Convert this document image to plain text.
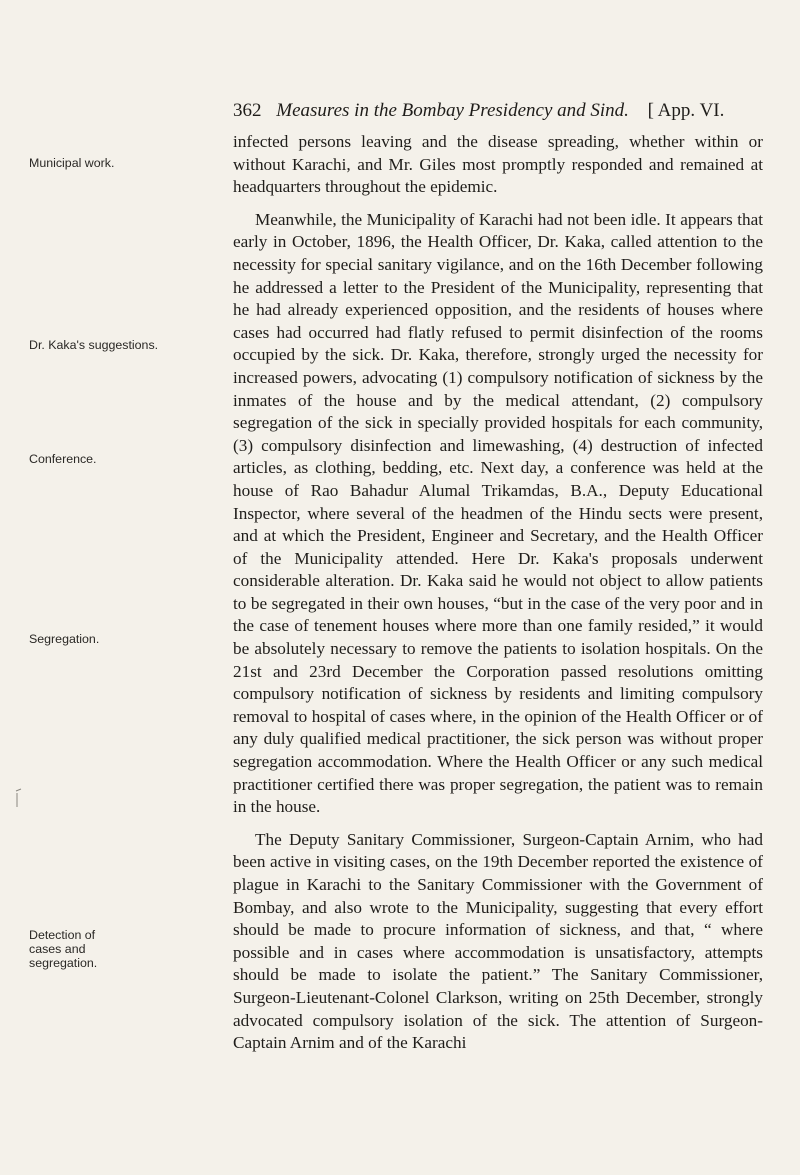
362 Measures in the Bombay Presidency and Sind. [ App. VI.
Municipal work.
Dr. Kaka's suggestions.
Conference.
Segregation.
Detection of cases and segregation.

infected persons leaving and the disease spreading, whether within or without Karachi, and Mr. Giles most promptly responded and remained at headquarters throughout the epidemic.

Meanwhile, the Municipality of Karachi had not been idle. It appears that early in October, 1896, the Health Officer, Dr. Kaka, called attention to the necessity for special sanitary vigilance, and on the 16th December following he addressed a letter to the President of the Municipality, representing that he had already experienced opposition, and the residents of houses where cases had occurred had flatly refused to permit disinfection of the rooms occupied by the sick. Dr. Kaka, therefore, strongly urged the necessity for increased powers, advocating (1) compulsory notification of sickness by the inmates of the house and by the medical attendant, (2) compulsory segregation of the sick in specially provided hospitals for each community, (3) compulsory disinfection and limewashing, (4) destruction of infected articles, as clothing, bedding, etc. Next day, a conference was held at the house of Rao Bahadur Alumal Trikamdas, B.A., Deputy Educational Inspector, where several of the headmen of the Hindu sects were present, and at which the President, Engineer and Secretary, and the Health Officer of the Municipality attended. Here Dr. Kaka's proposals underwent considerable alteration. Dr. Kaka said he would not object to allow patients to be segregated in their own houses, “but in the case of the very poor and in the case of tenement houses where more than one family resided,” it would be absolutely necessary to remove the patients to isolation hospitals. On the 21st and 23rd December the Corporation passed resolutions omitting compulsory notification of sickness by residents and limiting compulsory removal to hospital of cases where, in the opinion of the Health Officer or of any duly qualified medical practitioner, the sick person was without proper segregation accommodation. Where the Health Officer or any such medical practitioner certified there was proper segregation, the patient was to remain in the house.

The Deputy Sanitary Commissioner, Surgeon-Captain Arnim, who had been active in visiting cases, on the 19th December reported the existence of plague in Karachi to the Sanitary Commissioner with the Government of Bombay, and also wrote to the Municipality, suggesting that every effort should be made to procure information of sickness, and that, “ where possible and in cases where accommodation is unsatisfactory, attempts should be made to isolate the patient.” The Sanitary Commissioner, Surgeon-Lieutenant-Colonel Clarkson, writing on 25th December, strongly advocated compulsory isolation of the sick. The attention of Surgeon-Captain Arnim and of the Karachi
